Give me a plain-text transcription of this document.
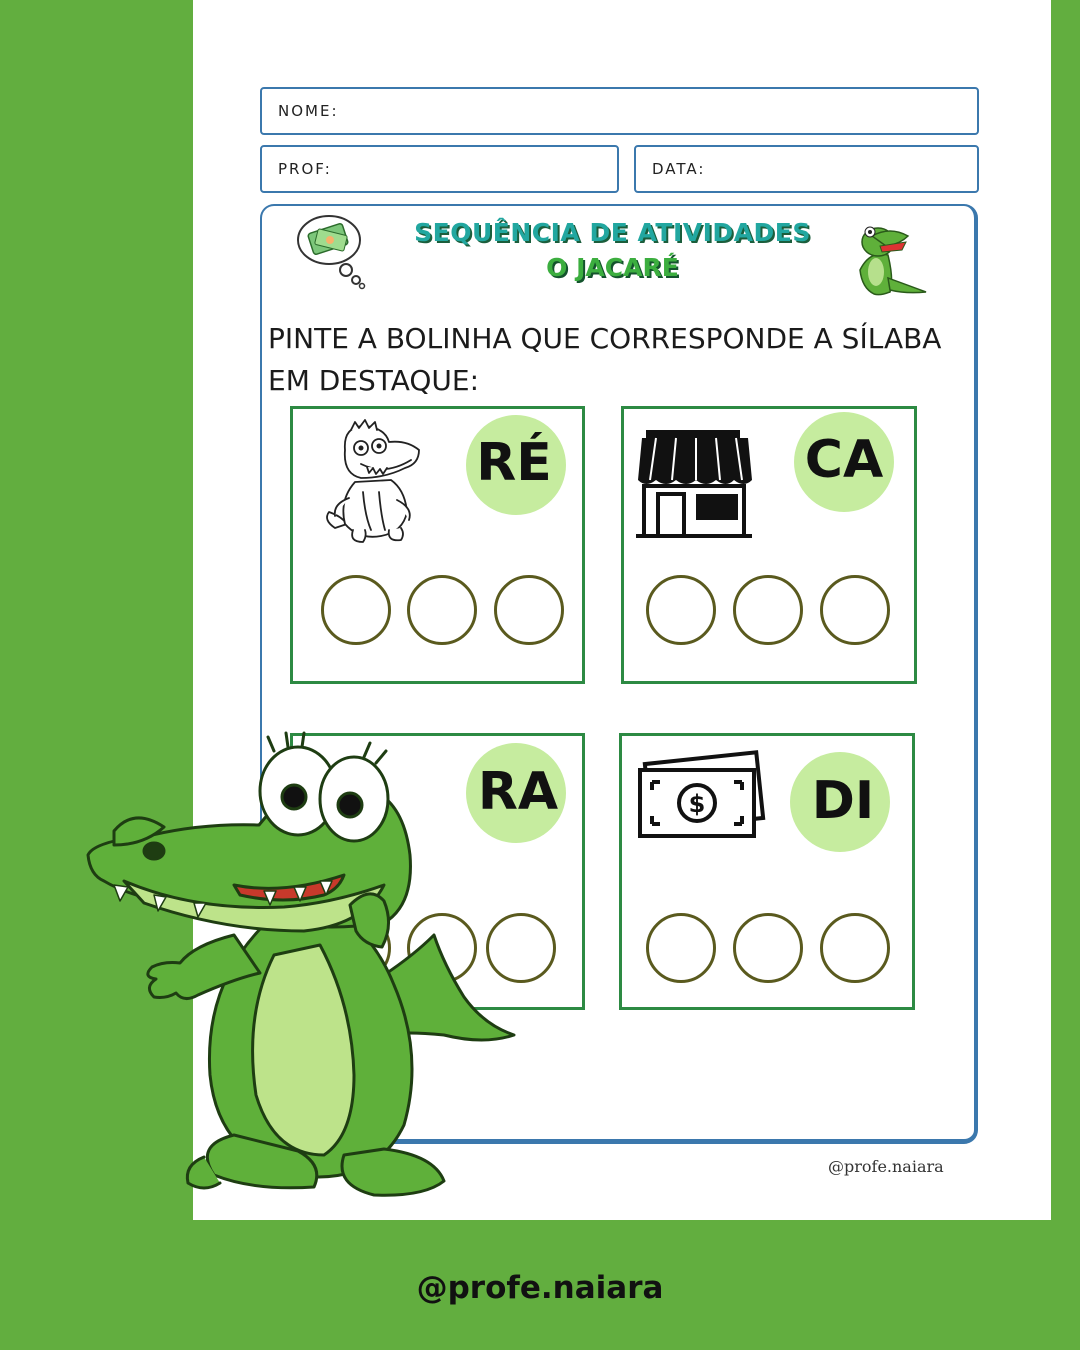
NOME:
PROF:	DATA:
SEQUÊNCIA DE ATIVIDADES
O JACARÉ
PINTE A BOLINHA QUE CORRESPONDE A SÍLABA EM DESTAQUE:
RÉ	CA
RA	$	DI
@profe.naiara
@profe.naiara
